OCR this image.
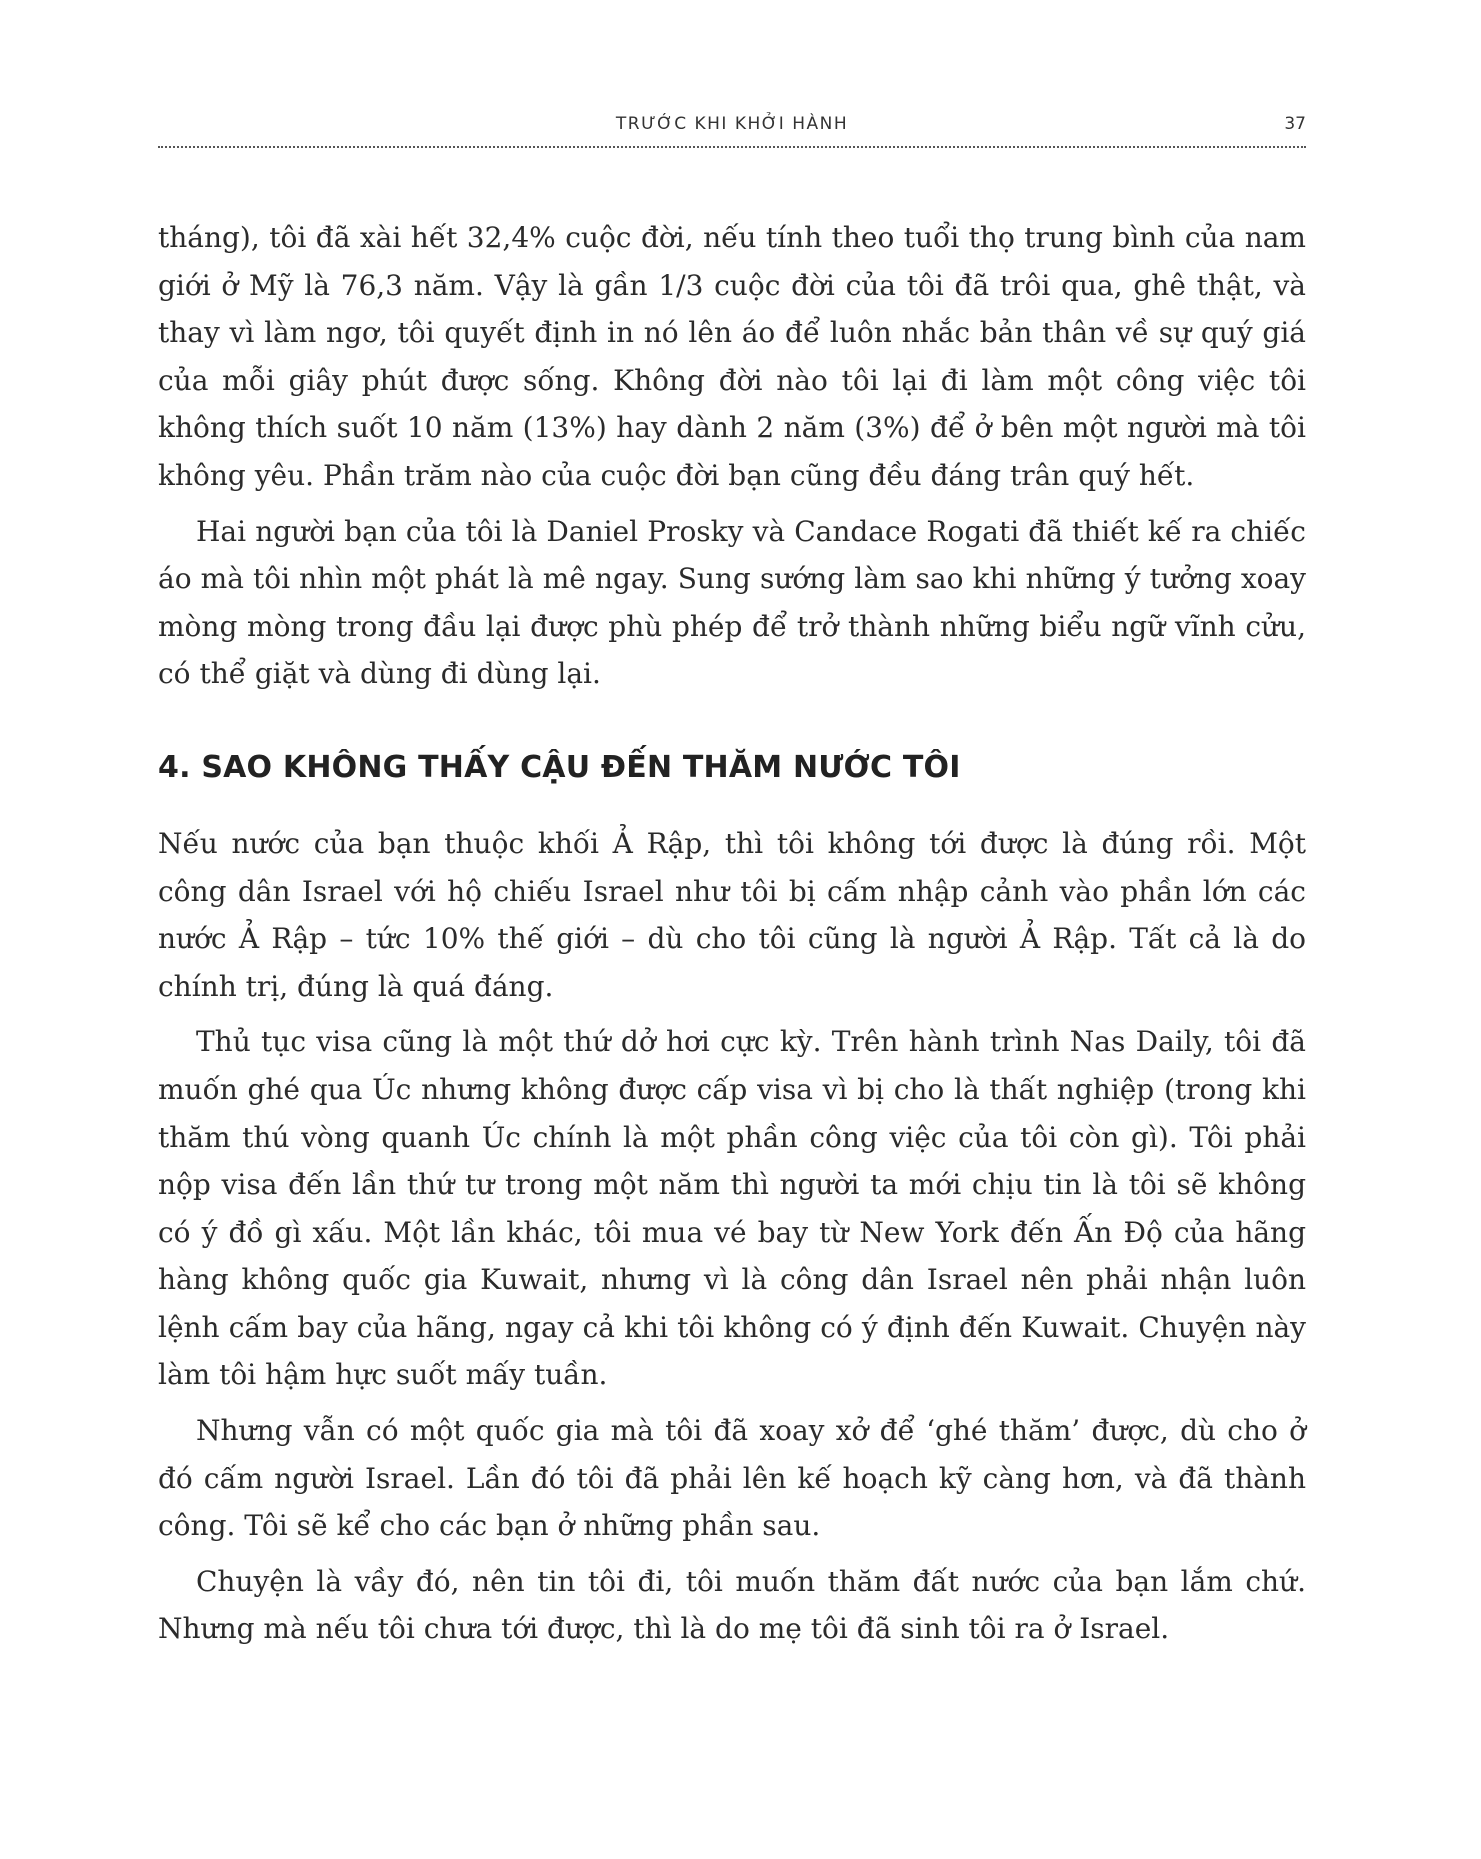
TRƯỚC KHI KHỞI HÀNH	37

tháng), tôi đã xài hết 32,4% cuộc đời, nếu tính theo tuổi thọ trung bình của nam giới ở Mỹ là 76,3 năm. Vậy là gần 1/3 cuộc đời của tôi đã trôi qua, ghê thật, và thay vì làm ngơ, tôi quyết định in nó lên áo để luôn nhắc bản thân về sự quý giá của mỗi giây phút được sống. Không đời nào tôi lại đi làm một công việc tôi không thích suốt 10 năm (13%) hay dành 2 năm (3%) để ở bên một người mà tôi không yêu. Phần trăm nào của cuộc đời bạn cũng đều đáng trân quý hết.

Hai người bạn của tôi là Daniel Prosky và Candace Rogati đã thiết kế ra chiếc áo mà tôi nhìn một phát là mê ngay. Sung sướng làm sao khi những ý tưởng xoay mòng mòng trong đầu lại được phù phép để trở thành những biểu ngữ vĩnh cửu, có thể giặt và dùng đi dùng lại.

4. SAO KHÔNG THẤY CẬU ĐẾN THĂM NƯỚC TÔI

Nếu nước của bạn thuộc khối Ả Rập, thì tôi không tới được là đúng rồi. Một công dân Israel với hộ chiếu Israel như tôi bị cấm nhập cảnh vào phần lớn các nước Ả Rập – tức 10% thế giới – dù cho tôi cũng là người Ả Rập. Tất cả là do chính trị, đúng là quá đáng.

Thủ tục visa cũng là một thứ dở hơi cực kỳ. Trên hành trình Nas Daily, tôi đã muốn ghé qua Úc nhưng không được cấp visa vì bị cho là thất nghiệp (trong khi thăm thú vòng quanh Úc chính là một phần công việc của tôi còn gì). Tôi phải nộp visa đến lần thứ tư trong một năm thì người ta mới chịu tin là tôi sẽ không có ý đồ gì xấu. Một lần khác, tôi mua vé bay từ New York đến Ấn Độ của hãng hàng không quốc gia Kuwait, nhưng vì là công dân Israel nên phải nhận luôn lệnh cấm bay của hãng, ngay cả khi tôi không có ý định đến Kuwait. Chuyện này làm tôi hậm hực suốt mấy tuần.

Nhưng vẫn có một quốc gia mà tôi đã xoay xở để ‘ghé thăm’ được, dù cho ở đó cấm người Israel. Lần đó tôi đã phải lên kế hoạch kỹ càng hơn, và đã thành công. Tôi sẽ kể cho các bạn ở những phần sau.

Chuyện là vầy đó, nên tin tôi đi, tôi muốn thăm đất nước của bạn lắm chứ. Nhưng mà nếu tôi chưa tới được, thì là do mẹ tôi đã sinh tôi ra ở Israel.
